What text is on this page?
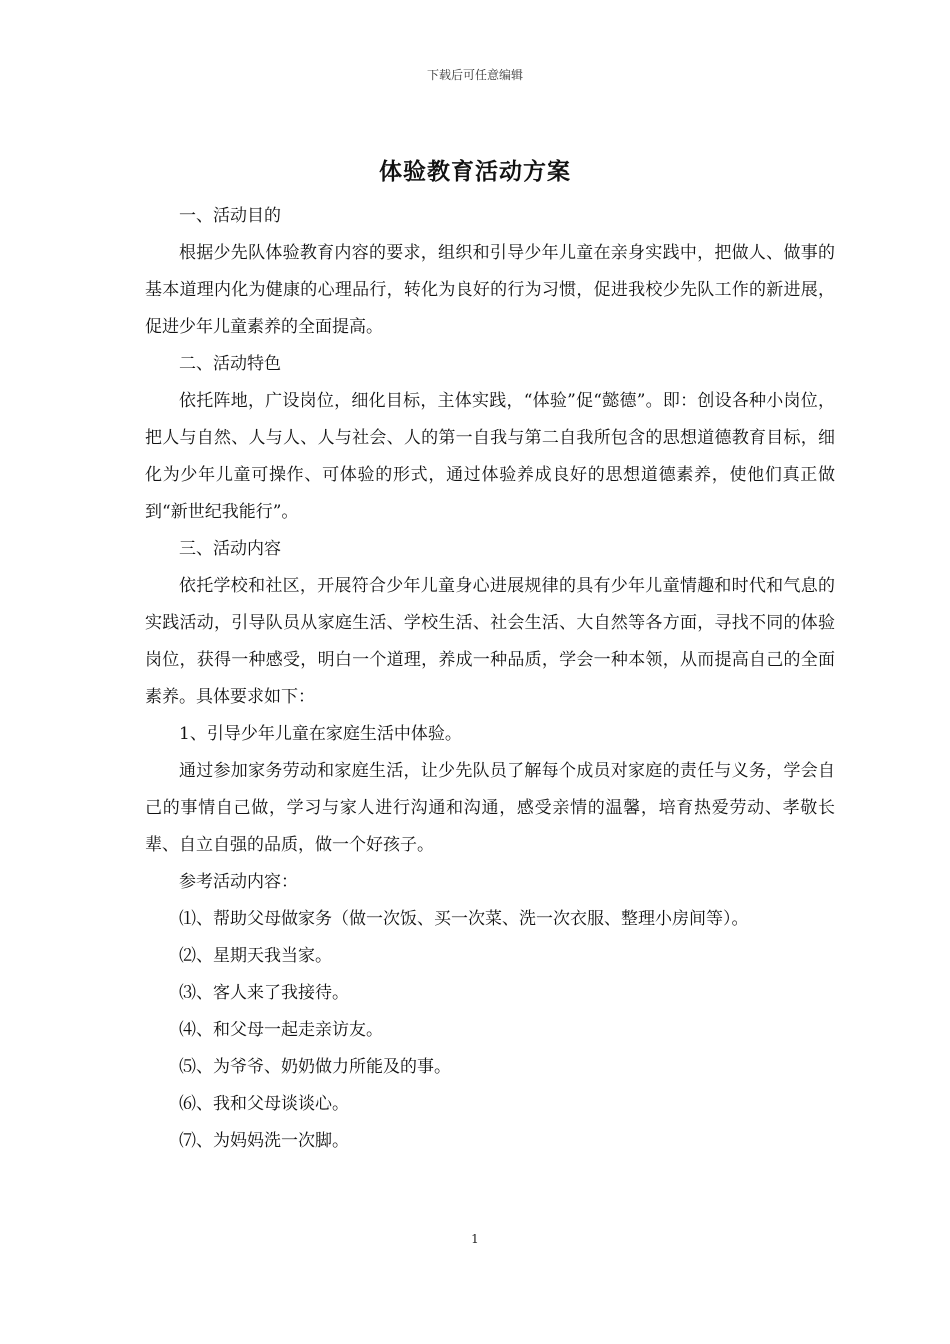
下载后可任意编辑
体验教育活动方案

一、活动目的

根据少先队体验教育内容的要求，组织和引导少年儿童在亲身实践中，把做人、做事的基本道理内化为健康的心理品行，转化为良好的行为习惯，促进我校少先队工作的新进展，促进少年儿童素养的全面提高。

二、活动特色

依托阵地，广设岗位，细化目标，主体实践，“体验”促“懿德”。即：创设各种小岗位，把人与自然、人与人、人与社会、人的第一自我与第二自我所包含的思想道德教育目标，细化为少年儿童可操作、可体验的形式，通过体验养成良好的思想道德素养，使他们真正做到“新世纪我能行”。

三、活动内容

依托学校和社区，开展符合少年儿童身心进展规律的具有少年儿童情趣和时代和气息的实践活动，引导队员从家庭生活、学校生活、社会生活、大自然等各方面，寻找不同的体验岗位，获得一种感受，明白一个道理，养成一种品质，学会一种本领，从而提高自己的全面素养。具体要求如下：

1、引导少年儿童在家庭生活中体验。

通过参加家务劳动和家庭生活，让少先队员了解每个成员对家庭的责任与义务，学会自己的事情自己做，学习与家人进行沟通和沟通，感受亲情的温馨，培育热爱劳动、孝敬长辈、自立自强的品质，做一个好孩子。

参考活动内容：

⑴、帮助父母做家务（做一次饭、买一次菜、洗一次衣服、整理小房间等）。

⑵、星期天我当家。

⑶、客人来了我接待。

⑷、和父母一起走亲访友。

⑸、为爷爷、奶奶做力所能及的事。

⑹、我和父母谈谈心。

⑺、为妈妈洗一次脚。

1
